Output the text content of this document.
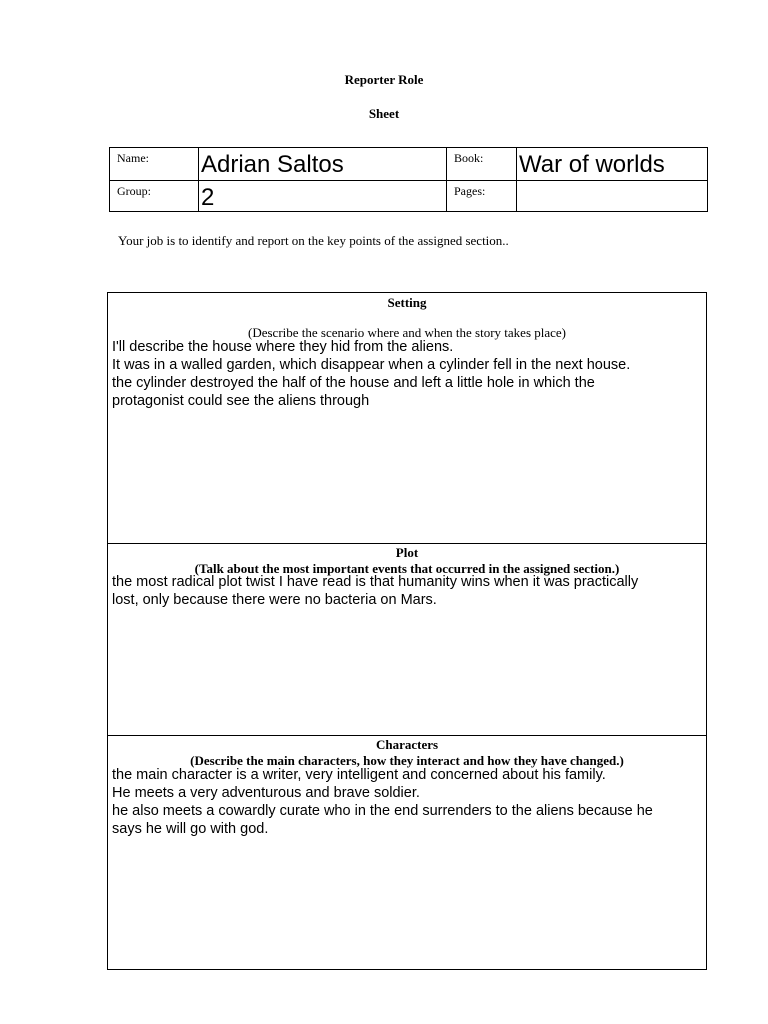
Reporter Role
Sheet
Name:	Adrian Saltos	Book:	War of worlds
Group:	2	Pages:
Your job is to identify and report on the key points of the assigned section..
Setting
(Describe the scenario where and when the story takes place)
I'll describe the house where they hid from the aliens.
It was in a walled garden, which disappear when a cylinder fell in the next house.
the cylinder destroyed the half of the house and left a little hole in which the
protagonist could see the aliens through
Plot
(Talk about the most important events that occurred in the assigned section.)
the most radical plot twist I have read is that humanity wins when it was practically
lost, only because there were no bacteria on Mars.
Characters
(Describe the main characters, how they interact and how they have changed.)
the main character is a writer, very intelligent and concerned about his family.
He meets a very adventurous and brave soldier.
he also meets a cowardly curate who in the end surrenders to the aliens because he
says he will go with god.
